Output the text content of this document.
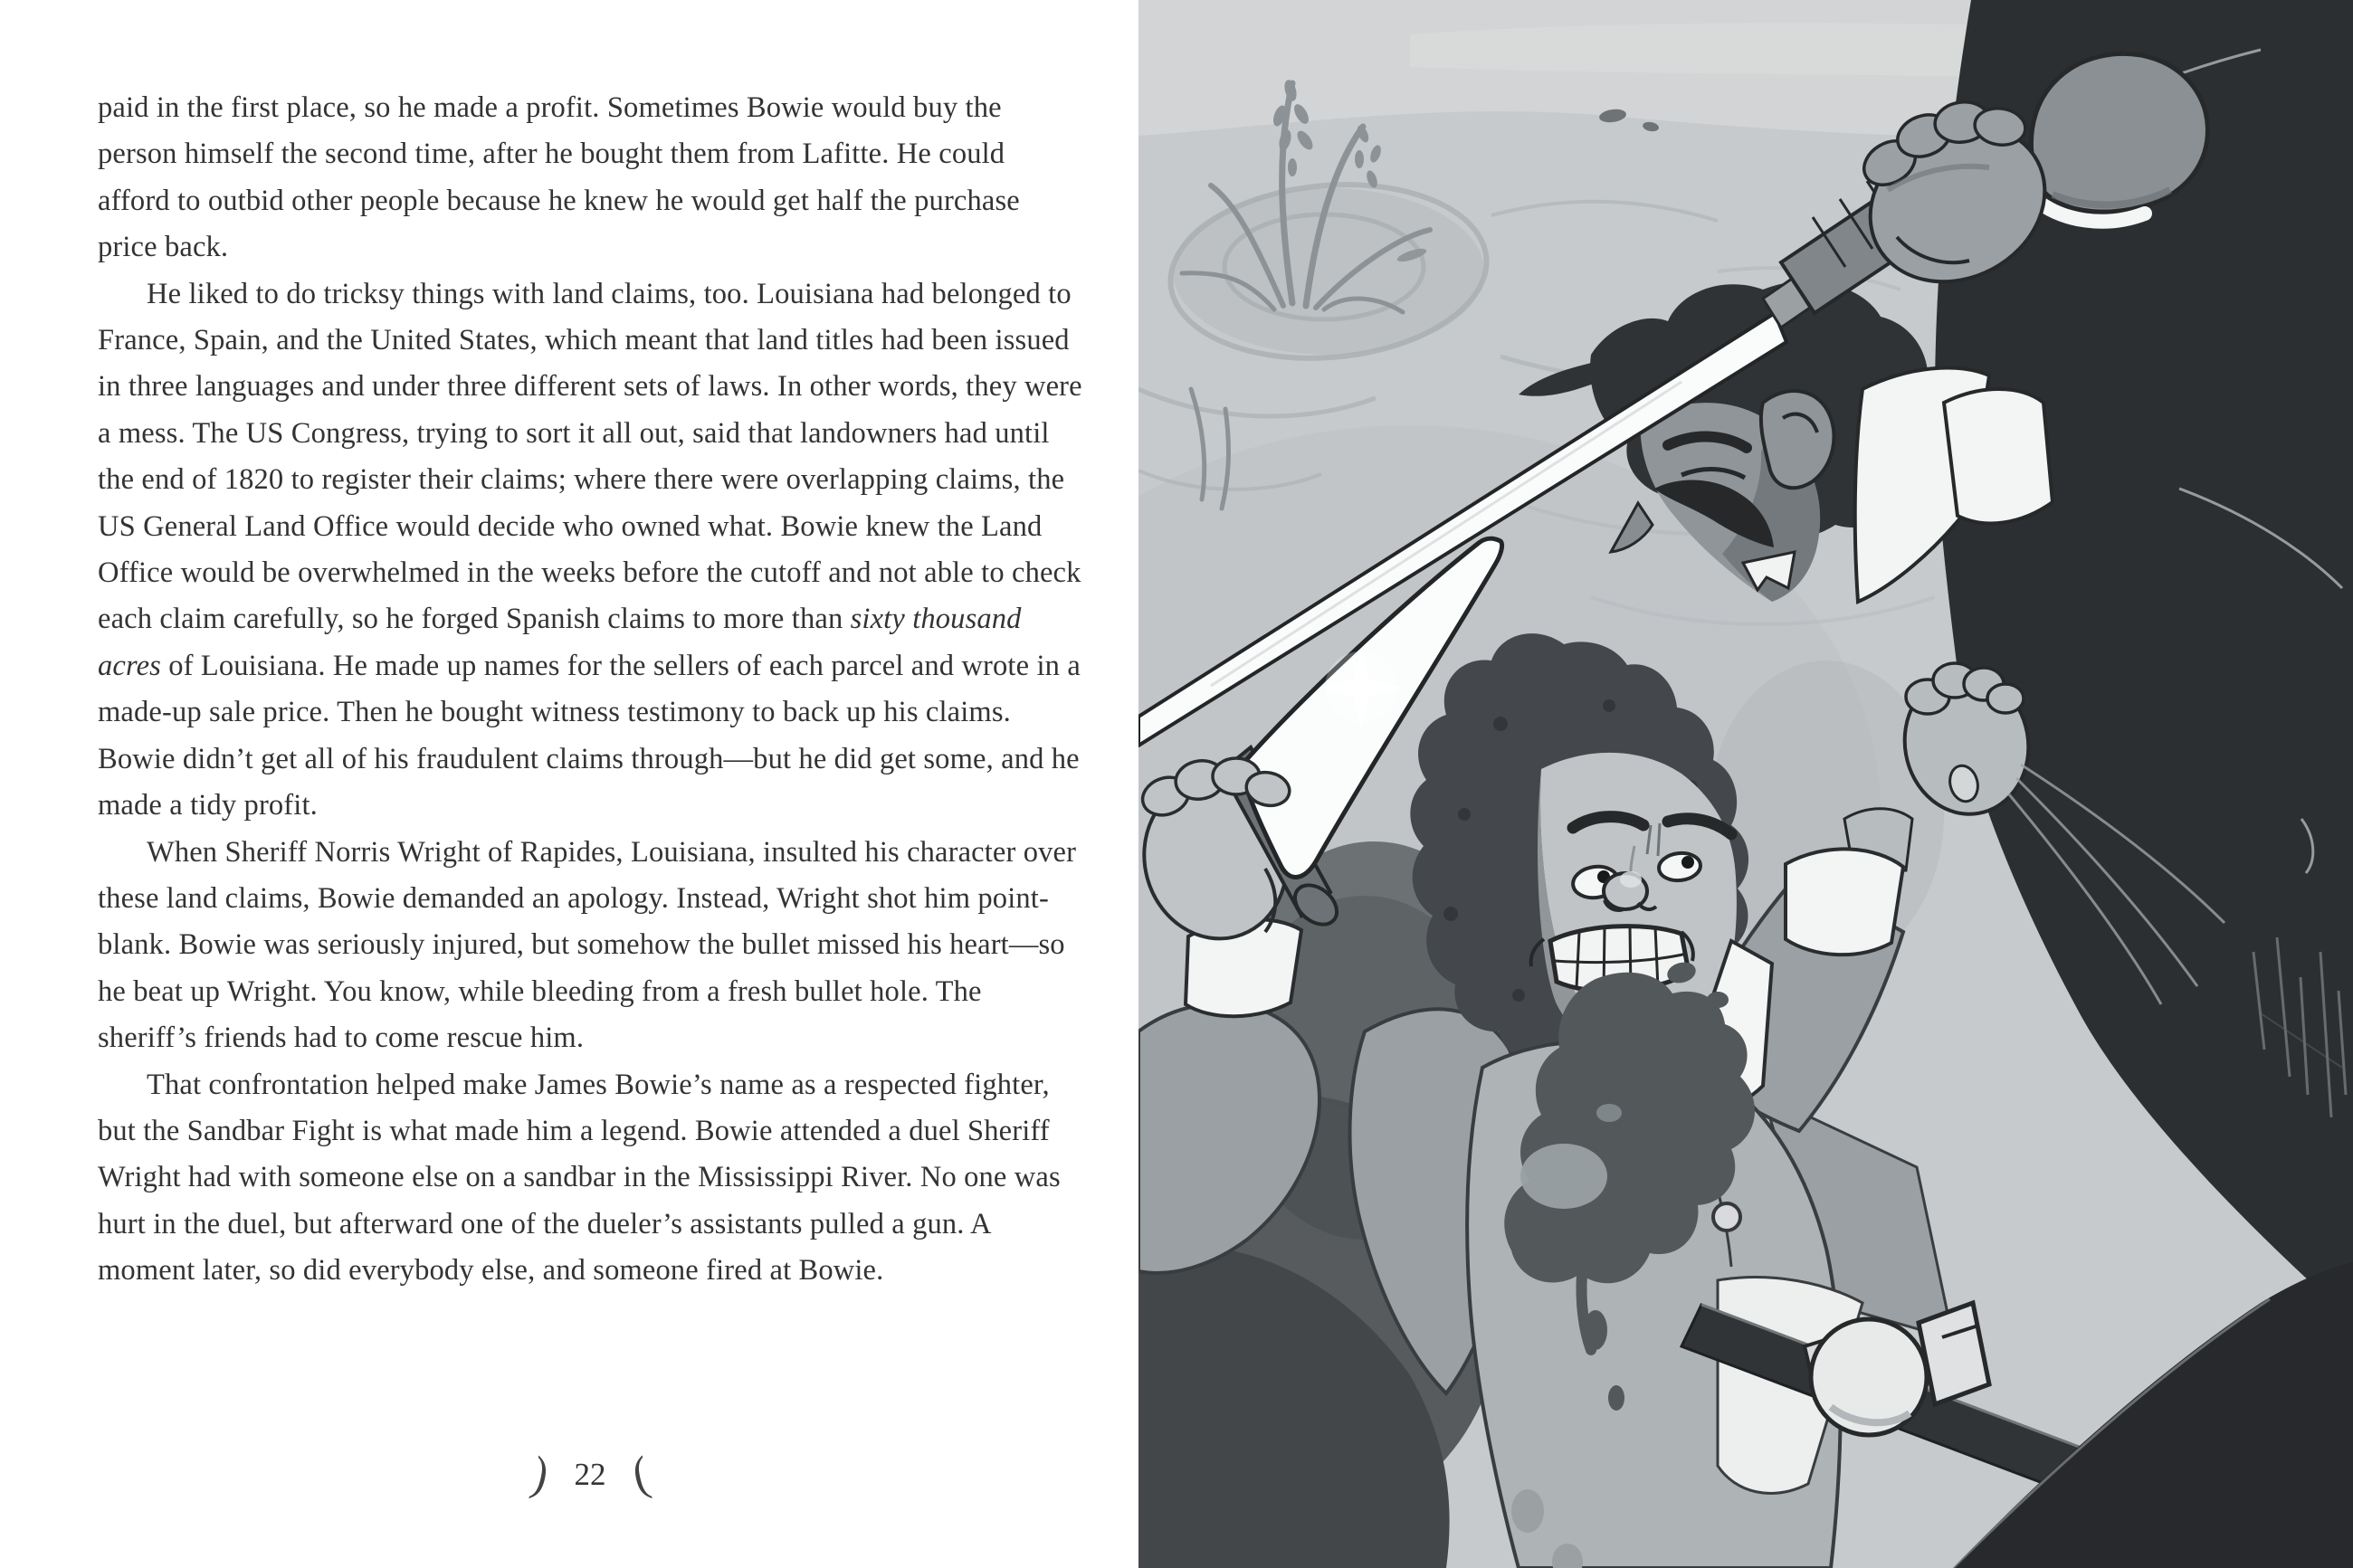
paid in the first place, so he made a profit. Sometimes Bowie would buy the person himself the second time, after he bought them from Lafitte. He could afford to outbid other people because he knew he would get half the purchase price back.

He liked to do tricksy things with land claims, too. Louisiana had belonged to France, Spain, and the United States, which meant that land titles had been issued in three languages and under three different sets of laws. In other words, they were a mess. The US Congress, trying to sort it all out, said that landowners had until the end of 1820 to register their claims; where there were overlapping claims, the US General Land Office would decide who owned what. Bowie knew the Land Office would be overwhelmed in the weeks before the cutoff and not able to check each claim carefully, so he forged Spanish claims to more than sixty thousand acres of Louisiana. He made up names for the sellers of each parcel and wrote in a made-up sale price. Then he bought witness testimony to back up his claims. Bowie didn’t get all of his fraudulent claims through—but he did get some, and he made a tidy profit.

When Sheriff Norris Wright of Rapides, Louisiana, insulted his character over these land claims, Bowie demanded an apology. Instead, Wright shot him point-blank. Bowie was seriously injured, but somehow the bullet missed his heart—so he beat up Wright. You know, while bleeding from a fresh bullet hole. The sheriff’s friends had to come rescue him.

That confrontation helped make James Bowie’s name as a respected fighter, but the Sandbar Fight is what made him a legend. Bowie attended a duel Sheriff Wright had with someone else on a sandbar in the Mississippi River. No one was hurt in the duel, but afterward one of the dueler’s assistants pulled a gun. A moment later, so did everybody else, and someone fired at Bowie.

) 22 (
